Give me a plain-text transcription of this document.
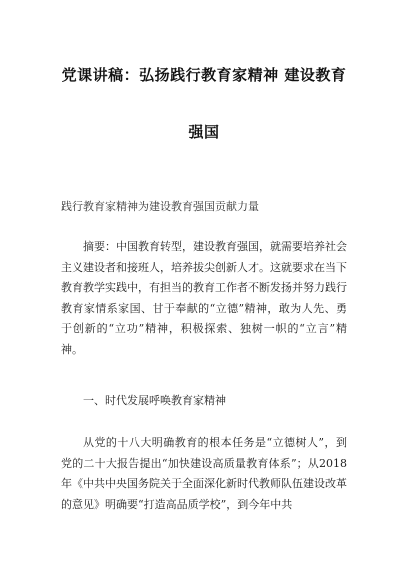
党课讲稿：弘扬践行教育家精神 建设教育
强国
践行教育家精神为建设教育强国贡献力量

摘要：中国教育转型，建设教育强国，就需要培养社会主义建设者和接班人，培养拔尖创新人才。这就要求在当下教育教学实践中，有担当的教育工作者不断发扬并努力践行教育家情系家国、甘于奉献的“立德”精神，敢为人先、勇于创新的“立功”精神，积极探索、独树一帜的“立言”精神。

一、时代发展呼唤教育家精神

从党的十八大明确教育的根本任务是“立德树人”，到党的二十大报告提出“加快建设高质量教育体系”；从2018年《中共中央国务院关于全面深化新时代教师队伍建设改革的意见》明确要“打造高品质学校”，到今年中共
